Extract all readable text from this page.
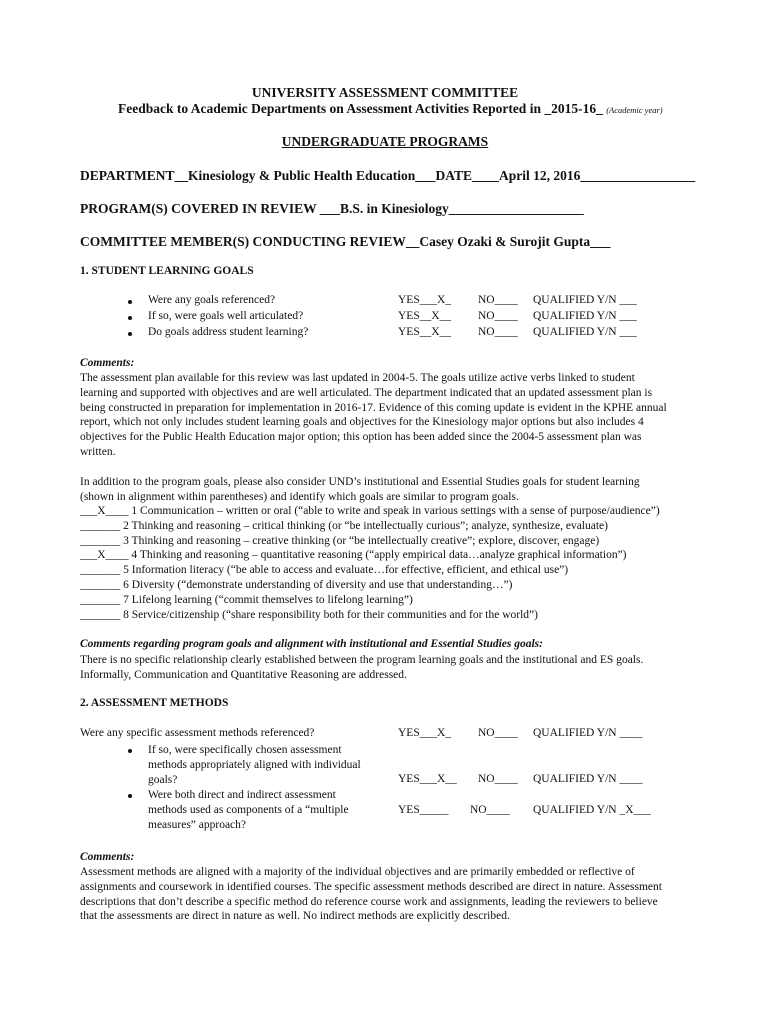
UNIVERSITY ASSESSMENT COMMITTEE
Feedback to Academic Departments on Assessment Activities Reported in _2015-16_ (Academic year)
UNDERGRADUATE PROGRAMS
DEPARTMENT__Kinesiology & Public Health Education___DATE____April 12, 2016_________________
PROGRAM(S) COVERED IN REVIEW ___B.S. in Kinesiology____________________
COMMITTEE MEMBER(S) CONDUCTING REVIEW__Casey Ozaki & Surojit Gupta___
1. STUDENT LEARNING GOALS
Were any goals referenced?	YES___X_ NO____ QUALIFIED Y/N ___
If so, were goals well articulated?	YES__X__ NO____ QUALIFIED Y/N ___
Do goals address student learning?	YES__X__ NO____ QUALIFIED Y/N ___
Comments:
The assessment plan available for this review was last updated in 2004-5. The goals utilize active verbs linked to student
learning and supported with objectives and are well articulated. The department indicated that an updated assessment plan is
being constructed in preparation for implementation in 2016-17. Evidence of this coming update is evident in the KPHE annual
report, which not only includes student learning goals and objectives for the Kinesiology major options but also includes 4
objectives for the Public Health Education major option; this option has been added since the 2004-5 assessment plan was
written.
In addition to the program goals, please also consider UND’s institutional and Essential Studies goals for student learning
(shown in alignment within parentheses) and identify which goals are similar to program goals.
___X____ 1 Communication – written or oral (“able to write and speak in various settings with a sense of purpose/audience”)
_______ 2 Thinking and reasoning – critical thinking (or “be intellectually curious”; analyze, synthesize, evaluate)
_______ 3 Thinking and reasoning – creative thinking (or “be intellectually creative”; explore, discover, engage)
___X____ 4 Thinking and reasoning – quantitative reasoning (“apply empirical data…analyze graphical information”)
_______ 5 Information literacy (“be able to access and evaluate…for effective, efficient, and ethical use”)
_______ 6 Diversity (“demonstrate understanding of diversity and use that understanding…”)
_______ 7 Lifelong learning (“commit themselves to lifelong learning”)
_______ 8 Service/citizenship (“share responsibility both for their communities and for the world”)
Comments regarding program goals and alignment with institutional and Essential Studies goals:
There is no specific relationship clearly established between the program learning goals and the institutional and ES goals.
Informally, Communication and Quantitative Reasoning are addressed.
2. ASSESSMENT METHODS
Were any specific assessment methods referenced?	YES___X_ NO____ QUALIFIED Y/N ____
If so, were specifically chosen assessment
methods appropriately aligned with individual
goals?	YES___X__ NO____ QUALIFIED Y/N ____
Were both direct and indirect assessment
methods used as components of a “multiple
measures” approach?
YES_____ NO____ QUALIFIED Y/N _X___
Comments:
Assessment methods are aligned with a majority of the individual objectives and are primarily embedded or reflective of
assignments and coursework in identified courses. The specific assessment methods described are direct in nature. Assessment
descriptions that don’t describe a specific method do reference course work and assignments, leading the reviewers to believe
that the assessments are direct in nature as well. No indirect methods are explicitly described.
